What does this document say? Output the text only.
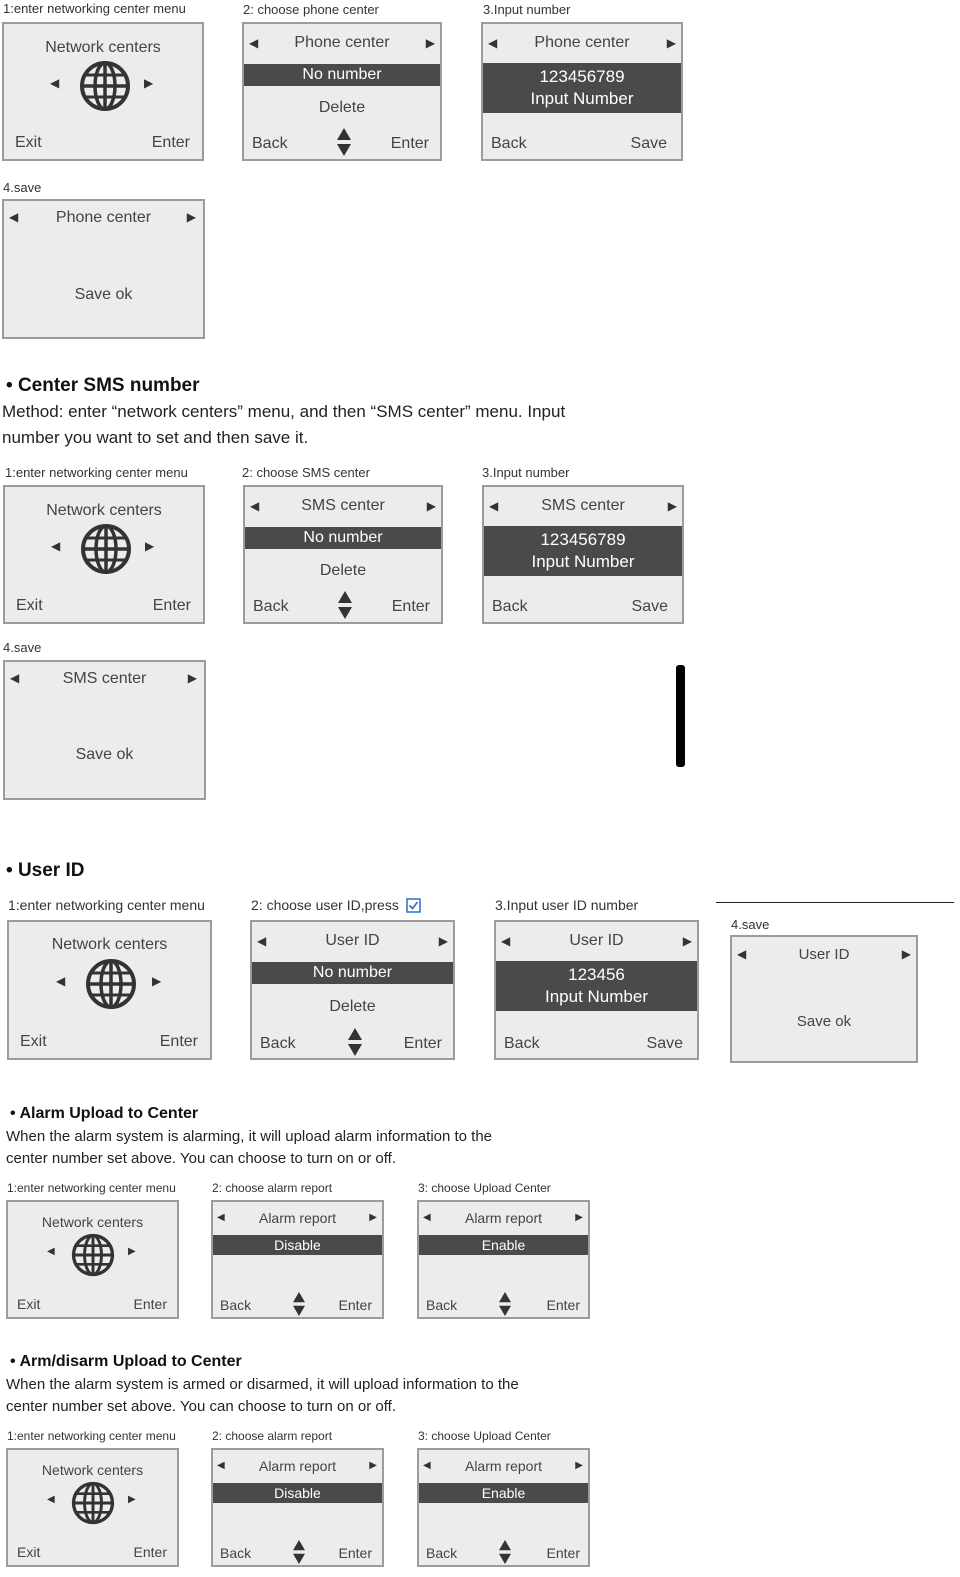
1:enter networking center menu	2: choose phone center	3.Input number
Network centers
◀	▶
Exit	Enter
◀	Phone center	▶
No number
Delete
Back	Enter
◀	Phone center	▶
123456789
Input Number
Back	Save
4.save
◀	Phone center	▶
Save ok
• Center SMS number
Method: enter “network centers” menu, and then “SMS center” menu. Input
number you want to set and then save it.
1:enter networking center menu	2: choose SMS center	3.Input number
Network centers
◀	▶
Exit	Enter
◀	SMS center	▶
No number
Delete
Back	Enter
◀	SMS center	▶
123456789
Input Number
Back	Save
4.save
◀	SMS center	▶
Save ok
• User ID
1:enter networking center menu	2: choose user ID,press	3.Input user ID number
4.save
Network centers
◀	▶
Exit	Enter
◀	User ID	▶
No number
Delete
Back	Enter
◀	User ID	▶
123456
Input Number
Back	Save
◀	User ID	▶
Save ok
• Alarm Upload to Center
When the alarm system is alarming, it will upload alarm information to the
center number set above. You can choose to turn on or off.
1:enter networking center menu	2: choose alarm report	3: choose Upload Center
Network centers
◀	▶
Exit	Enter
◀	Alarm report	▶
Disable
Back	Enter
◀	Alarm report	▶
Enable
Back	Enter
• Arm/disarm Upload to Center
When the alarm system is armed or disarmed, it will upload information to the
center number set above. You can choose to turn on or off.
1:enter networking center menu	2: choose alarm report	3: choose Upload Center
Network centers
◀	▶
Exit	Enter
◀	Alarm report	▶
Disable
Back	Enter
◀	Alarm report	▶
Enable
Back	Enter
